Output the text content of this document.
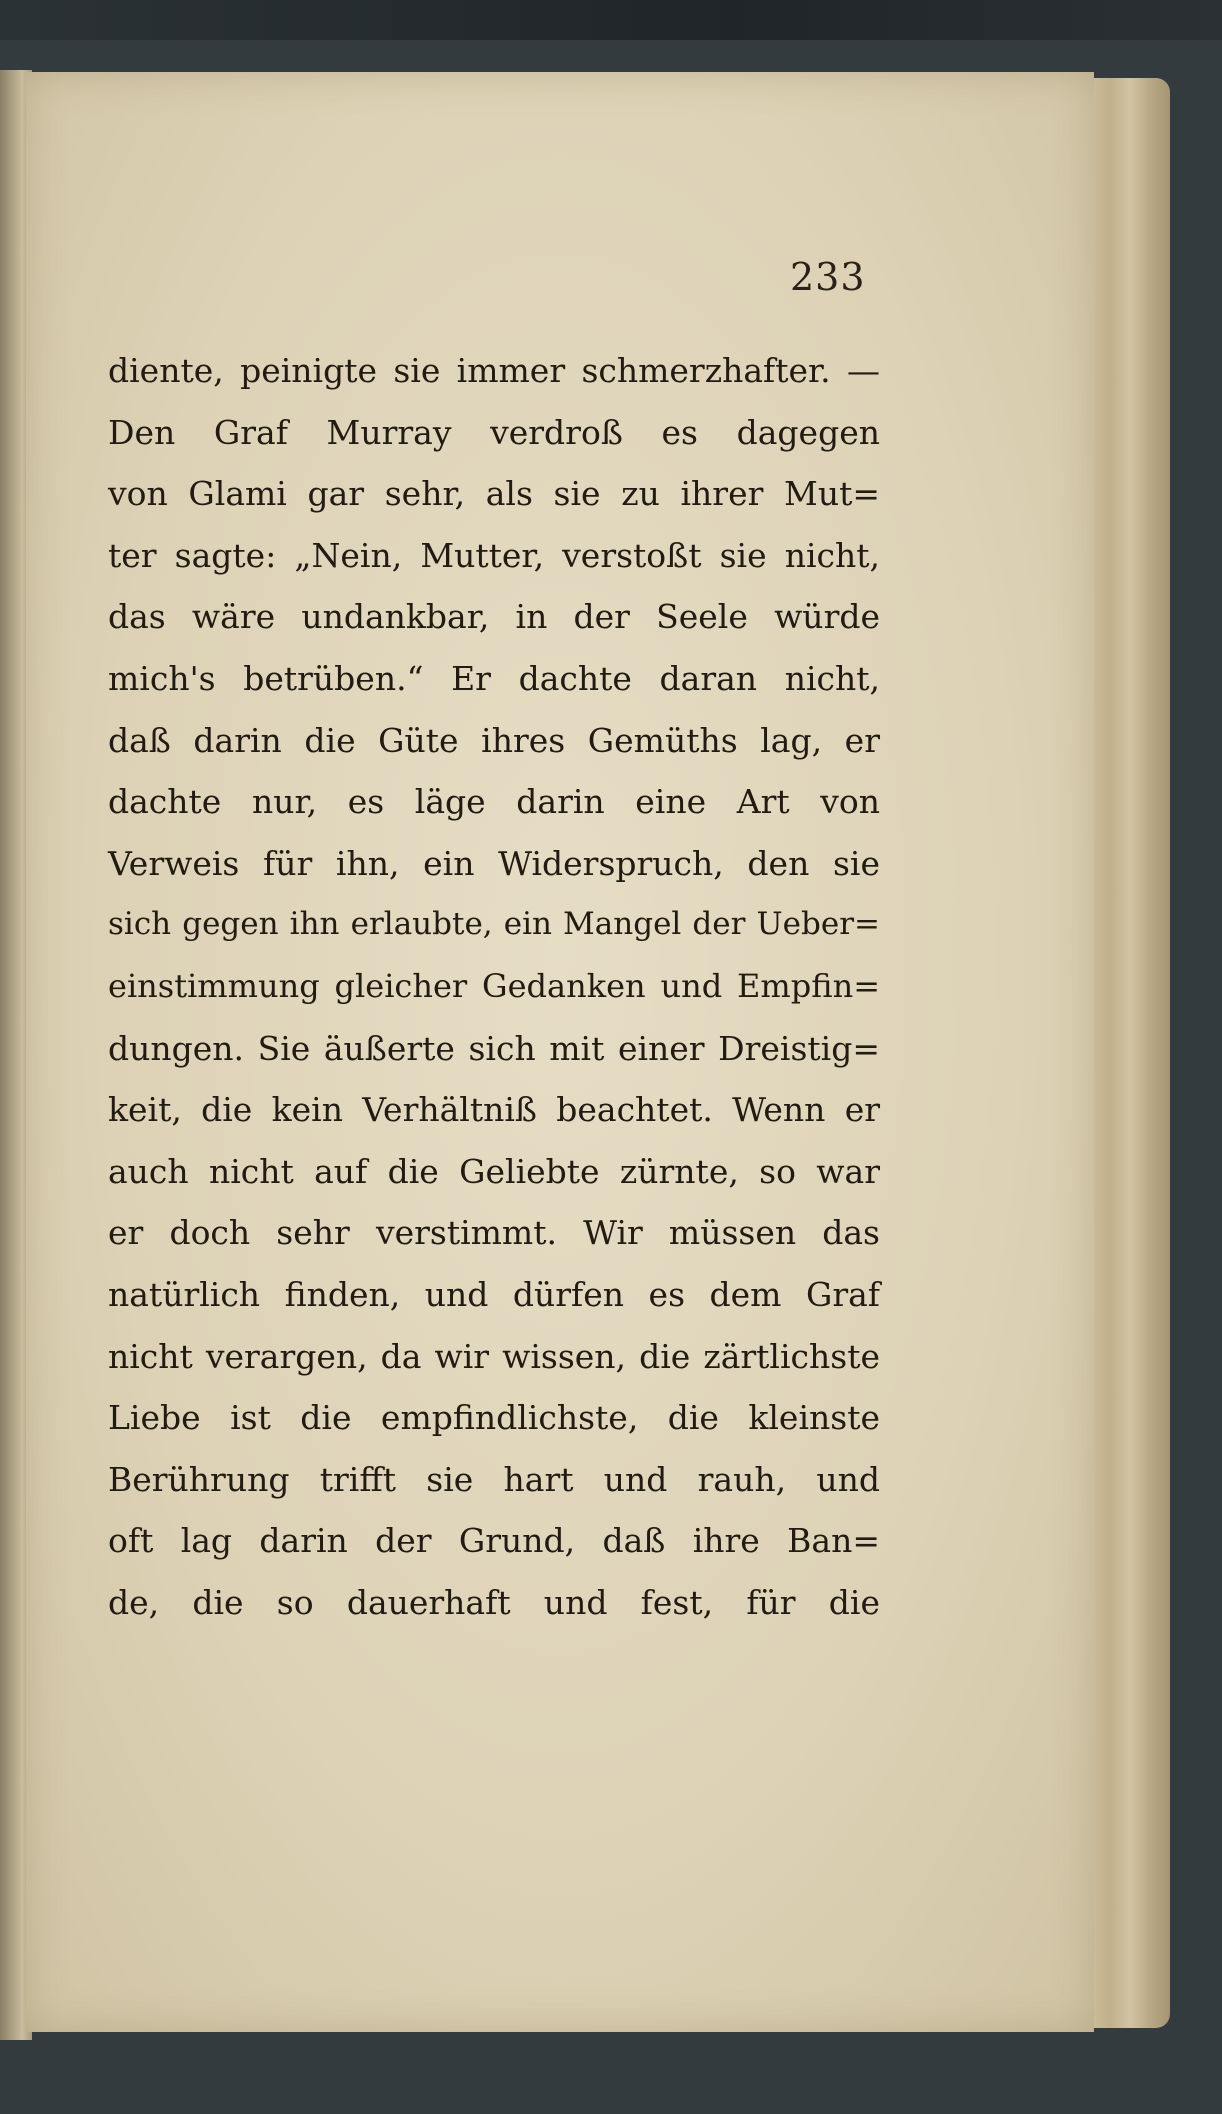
233
diente, peinigte sie immer schmerzhafter. —
Den Graf Murray verdroß es dagegen
von Glami gar sehr, als sie zu ihrer Mut=
ter sagte: „Nein, Mutter, verstoßt sie nicht,
das wäre undankbar, in der Seele würde
mich's betrüben.“ Er dachte daran nicht,
daß darin die Güte ihres Gemüths lag, er
dachte nur, es läge darin eine Art von
Verweis für ihn, ein Widerspruch, den sie
sich gegen ihn erlaubte, ein Mangel der Ueber=
einstimmung gleicher Gedanken und Empfin=
dungen. Sie äußerte sich mit einer Dreistig=
keit, die kein Verhältniß beachtet. Wenn er
auch nicht auf die Geliebte zürnte, so war
er doch sehr verstimmt. Wir müssen das
natürlich finden, und dürfen es dem Graf
nicht verargen, da wir wissen, die zärtlichste
Liebe ist die empfindlichste, die kleinste
Berührung trifft sie hart und rauh, und
oft lag darin der Grund, daß ihre Ban=
de, die so dauerhaft und fest, für die
